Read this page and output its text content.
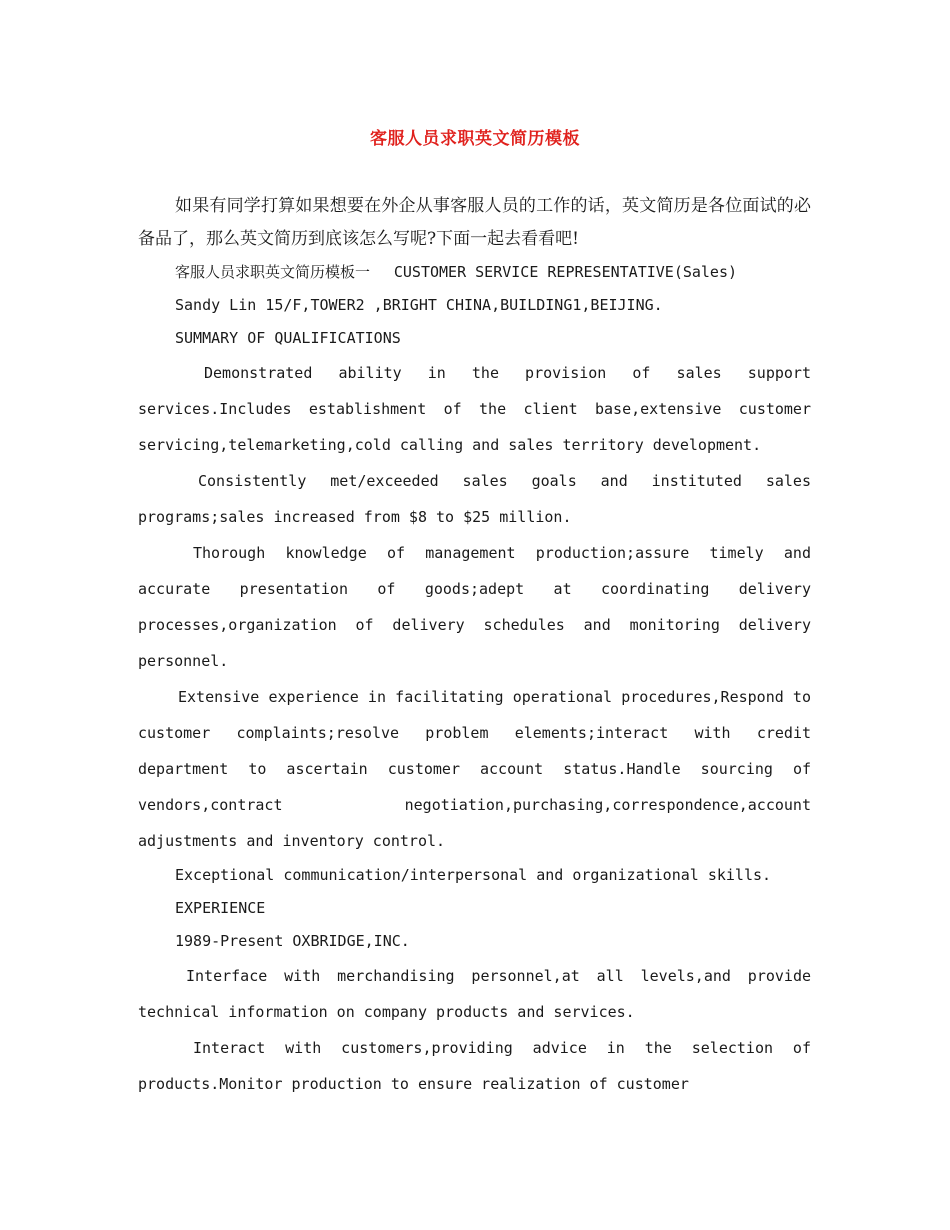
客服人员求职英文简历模板

如果有同学打算如果想要在外企从事客服人员的工作的话，英文简历是各位面试的必备品了，那么英文简历到底该怎么写呢?下面一起去看看吧!

客服人员求职英文简历模板一 CUSTOMER SERVICE REPRESENTATIVE(Sales)

Sandy Lin 15/F,TOWER2 ,BRIGHT CHINA,BUILDING1,BEIJING.

SUMMARY OF QUALIFICATIONS

Demonstrated ability in the provision of sales support services.Includes establishment of the client base,extensive customer servicing,telemarketing,cold calling and sales territory development.

Consistently met/exceeded sales goals and instituted sales programs;sales increased from $8 to $25 million.

Thorough knowledge of management production;assure timely and accurate presentation of goods;adept at coordinating delivery processes,organization of delivery schedules and monitoring delivery personnel.

Extensive experience in facilitating operational procedures,Respond to customer complaints;resolve problem elements;interact with credit department to ascertain customer account status.Handle sourcing of vendors,contract            negotiation,purchasing,correspondence,account adjustments and inventory control.

Exceptional communication/interpersonal and organizational skills.

EXPERIENCE

1989-Present OXBRIDGE,INC.

Interface with merchandising personnel,at all levels,and provide technical information on company products and services.

Interact with customers,providing advice in the selection of products.Monitor production to ensure realization of customer
